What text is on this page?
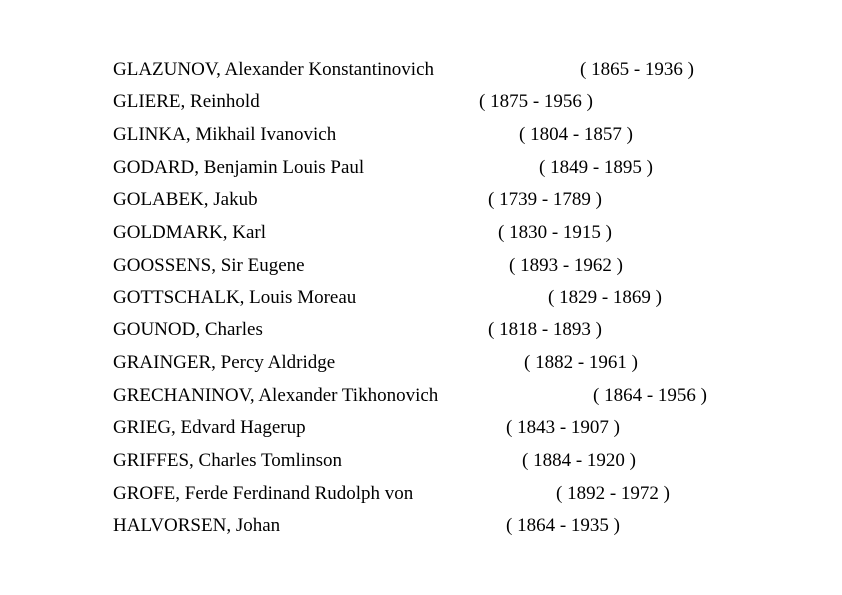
GLAZUNOV, Alexander Konstantinovich	( 1865 - 1936 )
GLIERE, Reinhold	( 1875 - 1956 )
GLINKA, Mikhail Ivanovich	( 1804 - 1857 )
GODARD, Benjamin Louis Paul	( 1849 - 1895 )
GOLABEK, Jakub	( 1739 - 1789 )
GOLDMARK, Karl	( 1830 - 1915 )
GOOSSENS, Sir Eugene	( 1893 - 1962 )
GOTTSCHALK, Louis Moreau	( 1829 - 1869 )
GOUNOD, Charles	( 1818 - 1893 )
GRAINGER, Percy Aldridge	( 1882 - 1961 )
GRECHANINOV, Alexander Tikhonovich	( 1864 - 1956 )
GRIEG, Edvard Hagerup	( 1843 - 1907 )
GRIFFES, Charles Tomlinson	( 1884 - 1920 )
GROFE, Ferde Ferdinand Rudolph von	( 1892 - 1972 )
HALVORSEN, Johan	( 1864 - 1935 )
